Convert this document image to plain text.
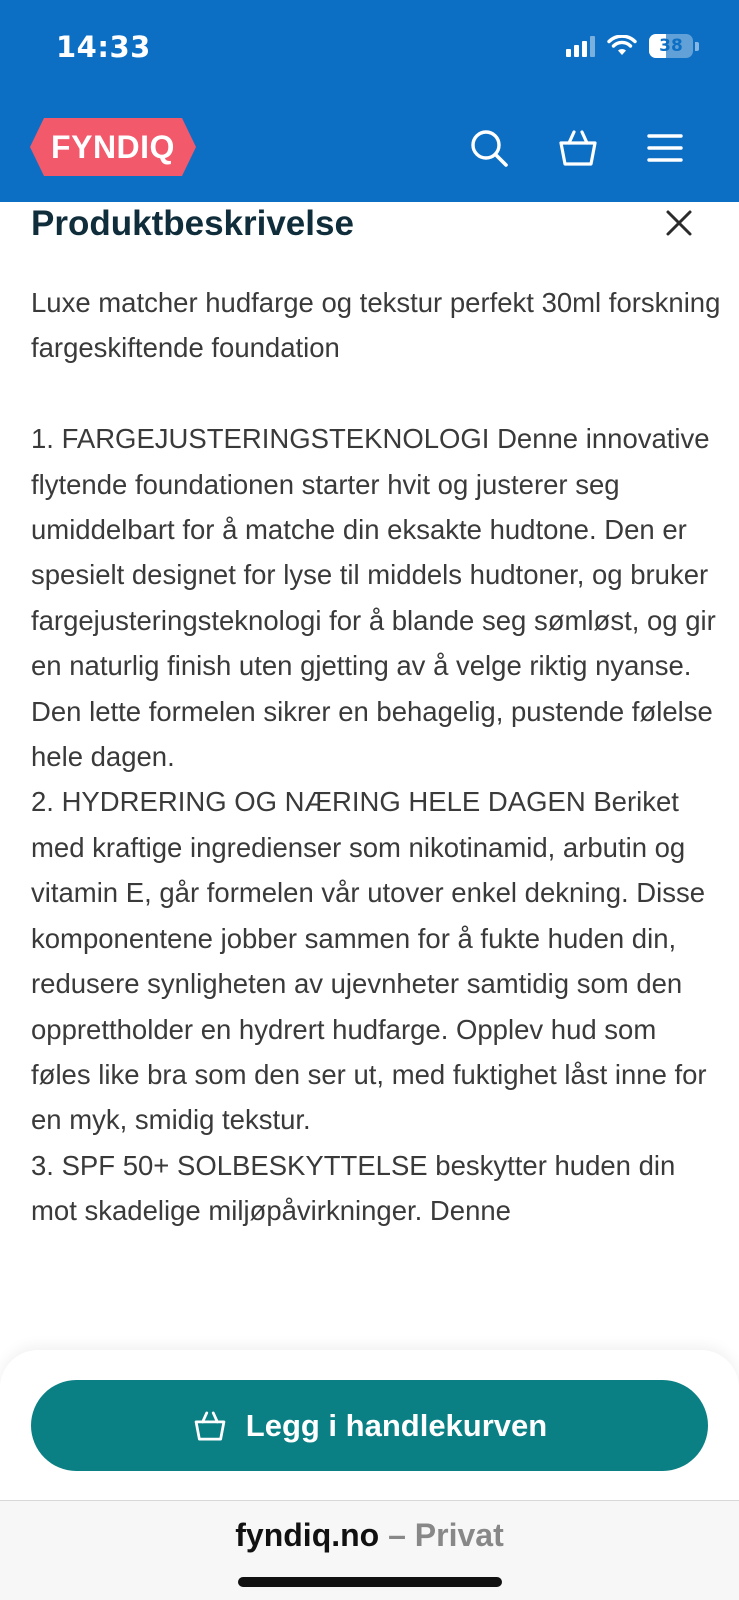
14:33	38
FYNDIQ
Produktbeskrivelse
Luxe matcher hudfarge og tekstur perfekt 30ml forskning fargeskiftende foundation

1. FARGEJUSTERINGSTEKNOLOGI Denne innovative flytende foundationen starter hvit og justerer seg umiddelbart for å matche din eksakte hudtone. Den er spesielt designet for lyse til middels hudtoner, og bruker fargejusteringsteknologi for å blande seg sømløst, og gir en naturlig finish uten gjetting av å velge riktig nyanse. Den lette formelen sikrer en behagelig, pustende følelse hele dagen.
2. HYDRERING OG NÆRING HELE DAGEN Beriket med kraftige ingredienser som nikotinamid, arbutin og vitamin E, går formelen vår utover enkel dekning. Disse komponentene jobber sammen for å fukte huden din, redusere synligheten av ujevnheter samtidig som den opprettholder en hydrert hudfarge. Opplev hud som føles like bra som den ser ut, med fuktighet låst inne for en myk, smidig tekstur.
3. SPF 50+ SOLBESKYTTELSE beskytter huden din mot skadelige miljøpåvirkninger. Denne
Legg i handlekurven
fyndiq.no – Privat
